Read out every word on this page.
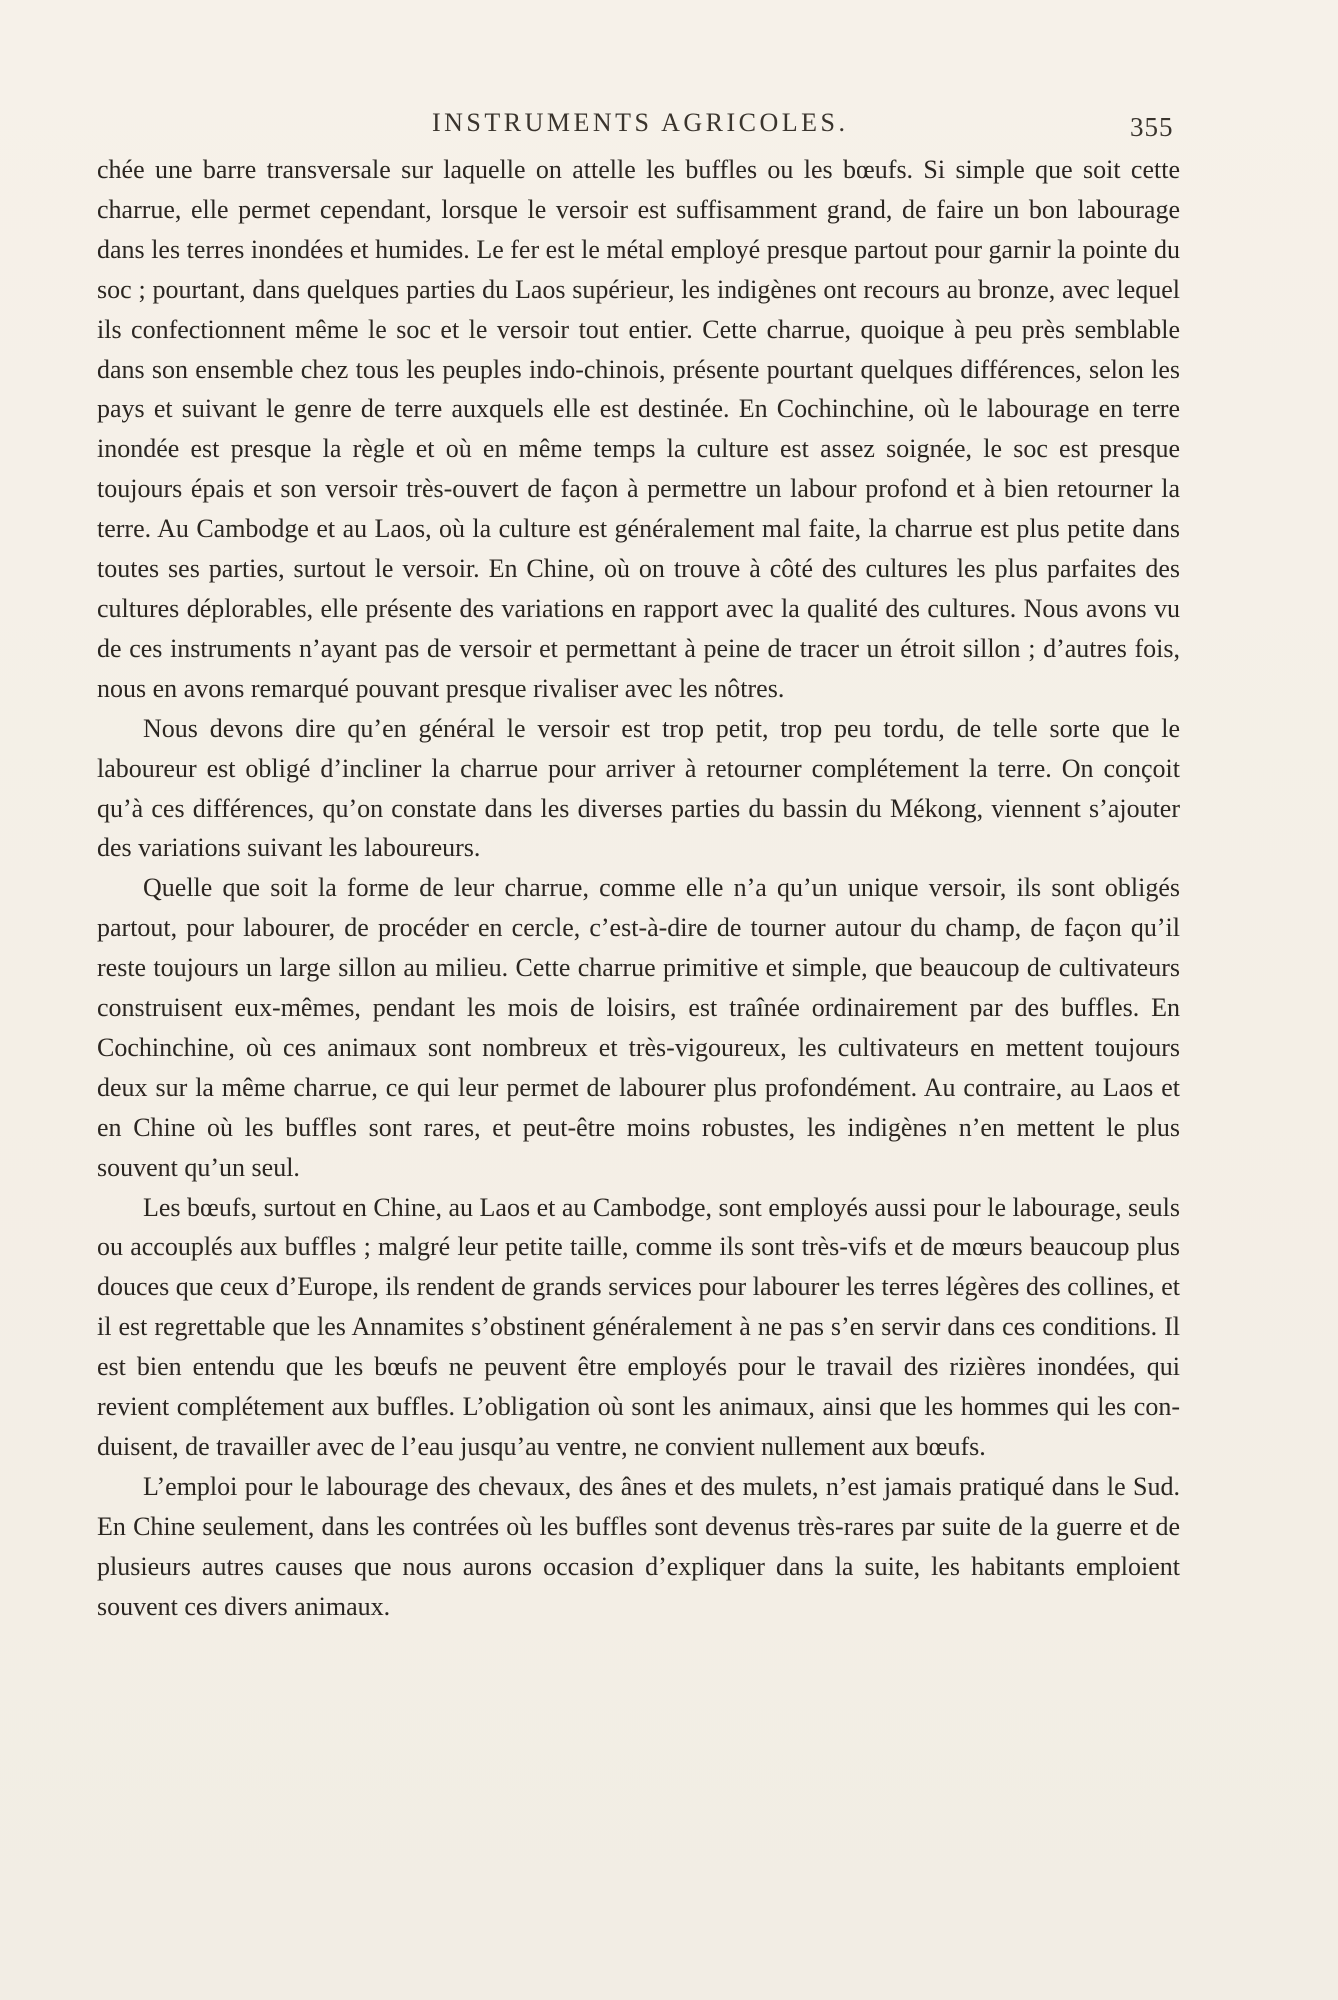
INSTRUMENTS AGRICOLES.	355

chée une barre transversale sur laquelle on attelle les buffles ou les bœufs. Si simple que soit cette charrue, elle permet cependant, lorsque le versoir est suffisamment grand, de faire un bon labourage dans les terres inondées et humides. Le fer est le métal employé presque partout pour garnir la pointe du soc ; pourtant, dans quelques parties du Laos supérieur, les indigènes ont recours au bronze, avec lequel ils confectionnent même le soc et le versoir tout entier. Cette charrue, quoique à peu près semblable dans son ensemble chez tous les peuples indo-chinois, présente pourtant quelques différences, selon les pays et suivant le genre de terre auxquels elle est destinée. En Cochinchine, où le labourage en terre inondée est presque la règle et où en même temps la culture est assez soignée, le soc est presque toujours épais et son versoir très-ouvert de façon à permettre un labour profond et à bien retourner la terre. Au Cambodge et au Laos, où la culture est généralement mal faite, la charrue est plus petite dans toutes ses parties, surtout le versoir. En Chine, où on trouve à côté des cultures les plus parfaites des cultures déplorables, elle présente des variations en rapport avec la qualité des cultures. Nous avons vu de ces instruments n’ayant pas de versoir et permettant à peine de tracer un étroit sillon ; d’autres fois, nous en avons remarqué pouvant presque rivaliser avec les nôtres.

Nous devons dire qu’en général le versoir est trop petit, trop peu tordu, de telle sorte que le laboureur est obligé d’incliner la charrue pour arriver à retourner complétement la terre. On conçoit qu’à ces différences, qu’on constate dans les diverses parties du bassin du Mékong, viennent s’ajouter des variations suivant les laboureurs.

Quelle que soit la forme de leur charrue, comme elle n’a qu’un unique versoir, ils sont obligés partout, pour labourer, de procéder en cercle, c’est-à-dire de tourner autour du champ, de façon qu’il reste toujours un large sillon au milieu. Cette charrue primitive et simple, que beaucoup de cultivateurs construisent eux-mêmes, pendant les mois de loisirs, est traînée ordinairement par des buffles. En Cochinchine, où ces animaux sont nombreux et très-vigoureux, les cultivateurs en mettent toujours deux sur la même charrue, ce qui leur permet de labourer plus profondément. Au contraire, au Laos et en Chine où les buffles sont rares, et peut-être moins robustes, les indigènes n’en mettent le plus souvent qu’un seul.

Les bœufs, surtout en Chine, au Laos et au Cambodge, sont employés aussi pour le labourage, seuls ou accouplés aux buffles ; malgré leur petite taille, comme ils sont très-vifs et de mœurs beaucoup plus douces que ceux d’Europe, ils rendent de grands services pour labourer les terres légères des collines, et il est regrettable que les Annamites s’obstinent généralement à ne pas s’en servir dans ces conditions. Il est bien entendu que les bœufs ne peuvent être employés pour le travail des rizières inondées, qui revient complétement aux buffles. L’obligation où sont les animaux, ainsi que les hommes qui les conduisent, de travailler avec de l’eau jusqu’au ventre, ne convient nullement aux bœufs.

L’emploi pour le labourage des chevaux, des ânes et des mulets, n’est jamais pratiqué dans le Sud. En Chine seulement, dans les contrées où les buffles sont devenus très-rares par suite de la guerre et de plusieurs autres causes que nous aurons occasion d’expliquer dans la suite, les habitants emploient souvent ces divers animaux.
